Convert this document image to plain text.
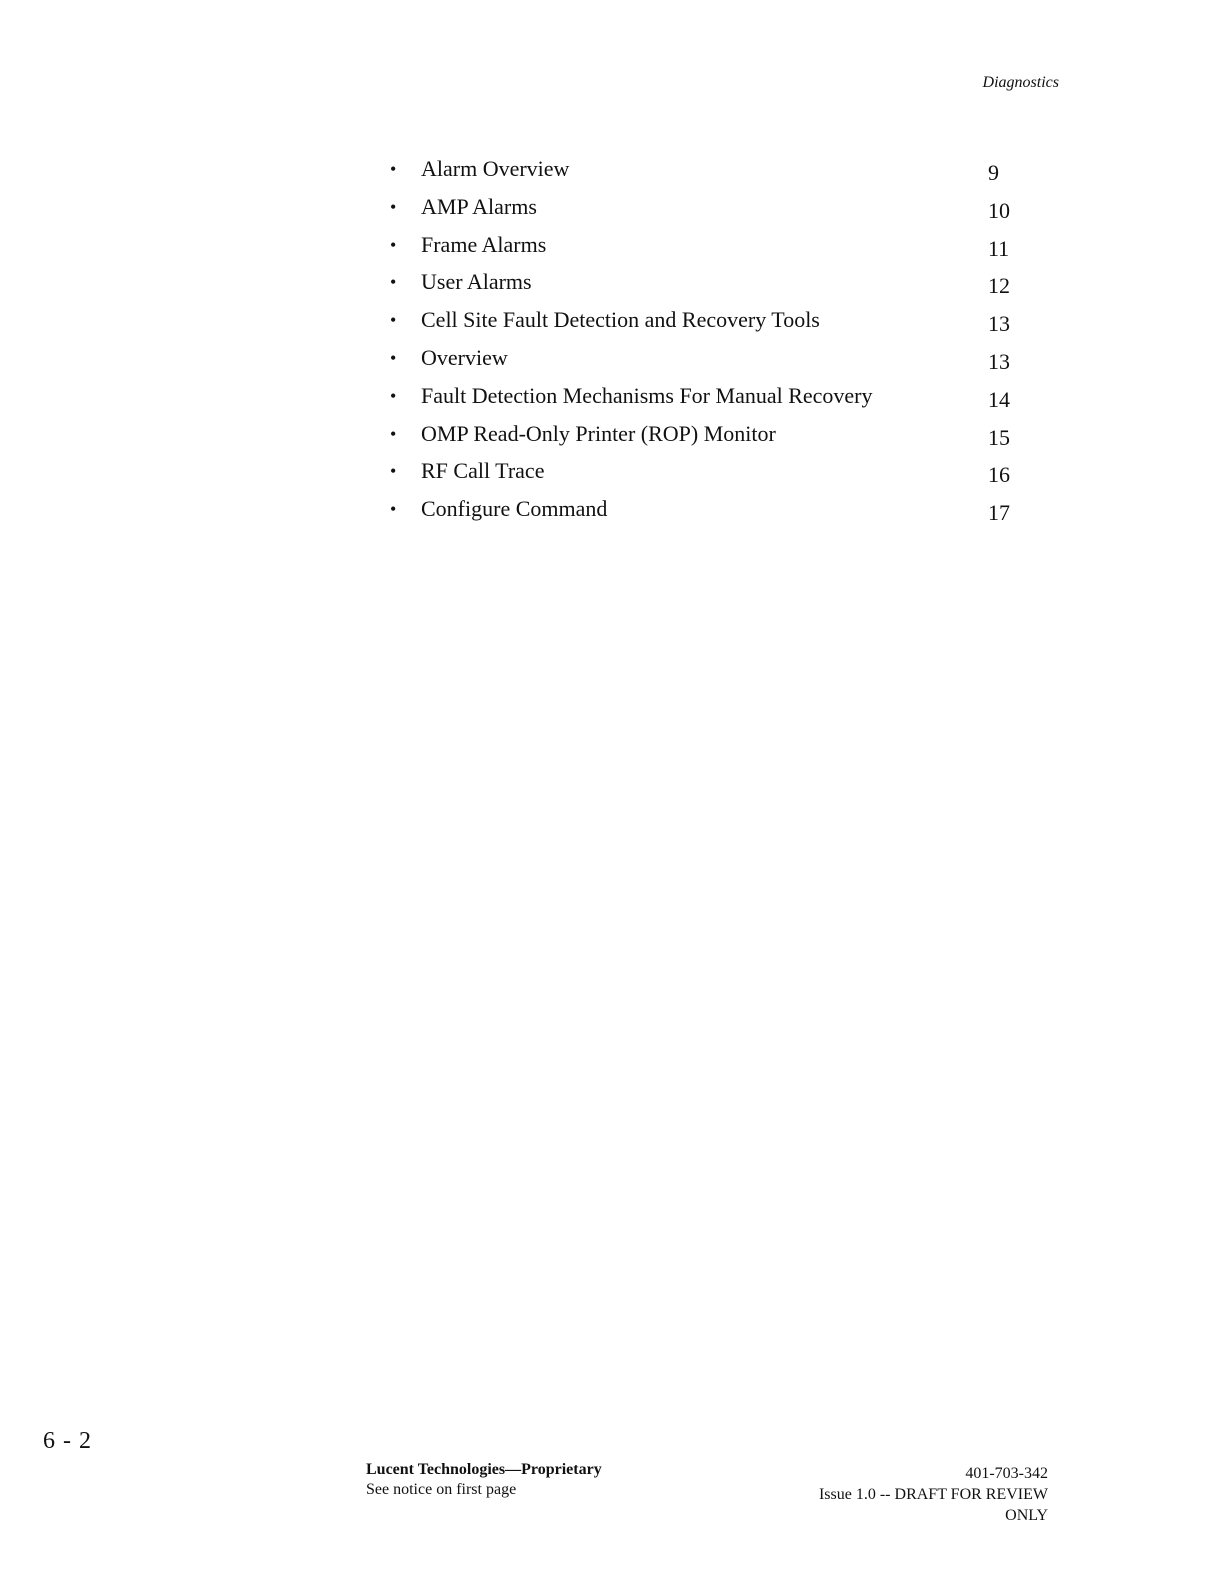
Diagnostics
• Alarm Overview	9
• AMP Alarms	10
• Frame Alarms	11
• User Alarms	12
• Cell Site Fault Detection and Recovery Tools	13
• Overview	13
• Fault Detection Mechanisms For Manual Recovery	14
• OMP Read-Only Printer (ROP) Monitor	15
• RF Call Trace	16
• Configure Command	17
6 - 2
Lucent Technologies—Proprietary
See notice on first page
401-703-342
Issue 1.0 -- DRAFT FOR REVIEW
ONLY
